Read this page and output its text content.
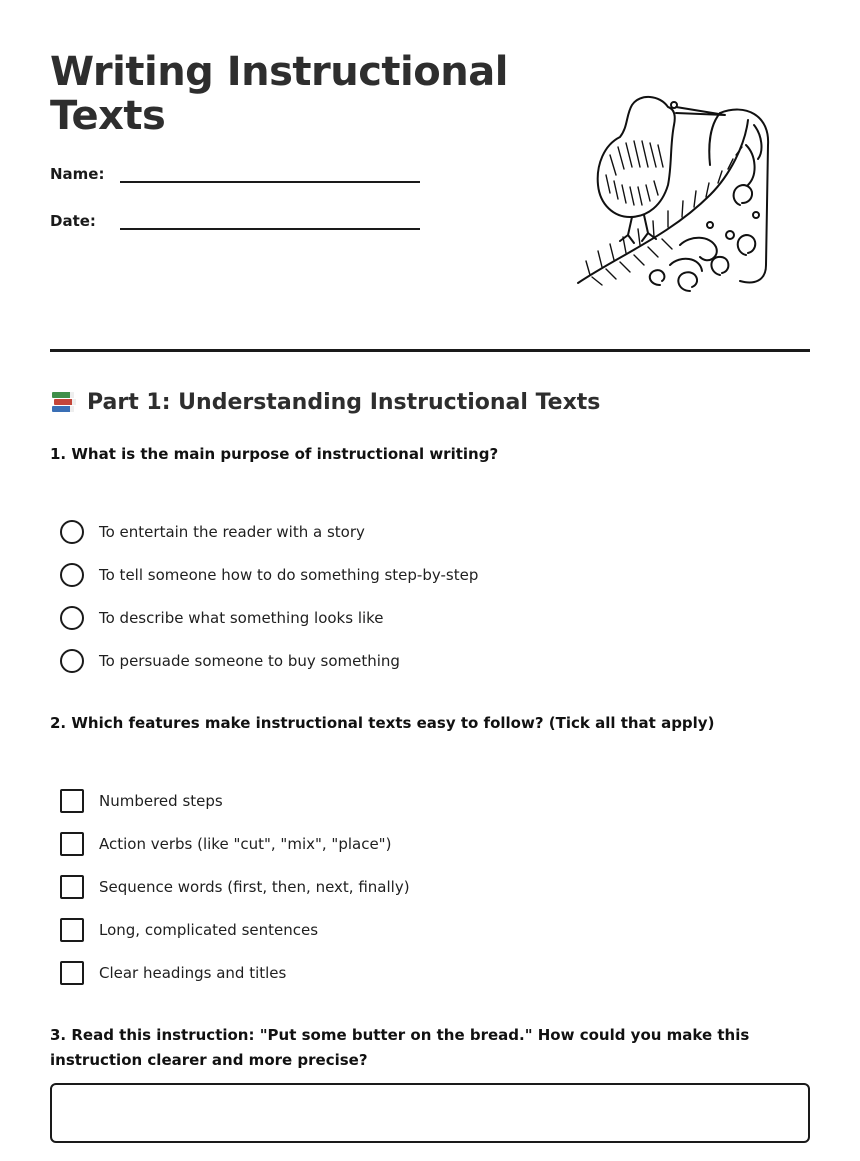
Writing Instructional Texts
Name:
Date:
Part 1: Understanding Instructional Texts

1. What is the main purpose of instructional writing?

To entertain the reader with a story
To tell someone how to do something step-by-step
To describe what something looks like
To persuade someone to buy something

2. Which features make instructional texts easy to follow? (Tick all that apply)

Numbered steps
Action verbs (like "cut", "mix", "place")
Sequence words (first, then, next, finally)
Long, complicated sentences
Clear headings and titles

3. Read this instruction: "Put some butter on the bread." How could you make this instruction clearer and more precise?
